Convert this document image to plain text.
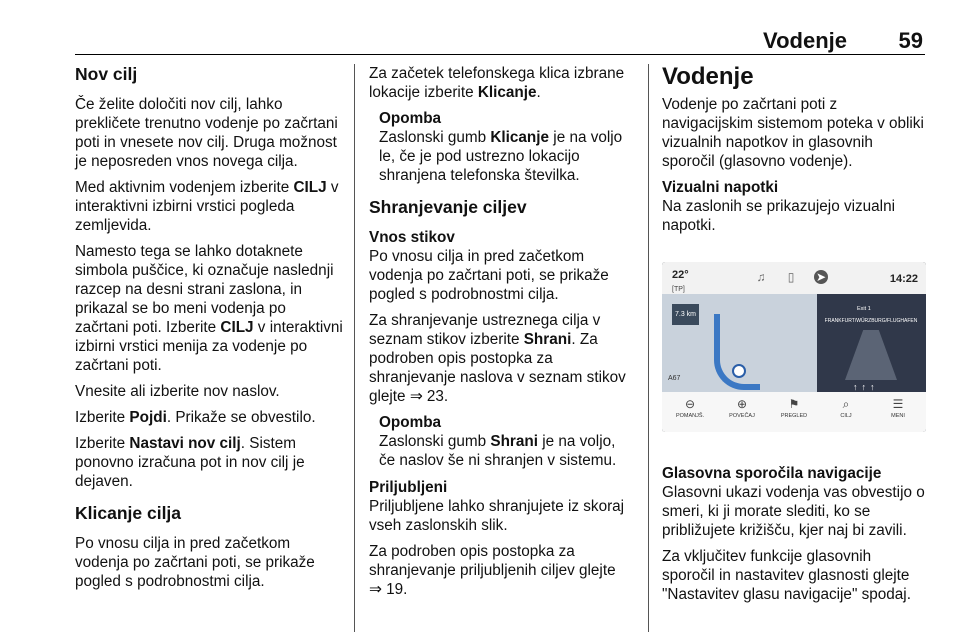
Vodenje 59
Nov cilj

Če želite določiti nov cilj, lahko prekličete trenutno vodenje po začrtani poti in vnesete nov cilj. Druga možnost je neposreden vnos novega cilja.

Med aktivnim vodenjem izberite CILJ v interaktivni izbirni vrstici pogleda zemljevida.

Namesto tega se lahko dotaknete simbola puščice, ki označuje naslednji razcep na desni strani zaslona, in prikazal se bo meni vodenja po začrtani poti. Izberite CILJ v interaktivni izbirni vrstici menija za vodenje po začrtani poti.

Vnesite ali izberite nov naslov.

Izberite Pojdi. Prikaže se obvestilo.

Izberite Nastavi nov cilj. Sistem ponovno izračuna pot in nov cilj je dejaven.

Klicanje cilja

Po vnosu cilja in pred začetkom vodenja po začrtani poti, se prikaže pogled s podrobnostmi cilja.

Za začetek telefonskega klica izbrane lokacije izberite Klicanje.

Opomba
Zaslonski gumb Klicanje je na voljo le, če je pod ustrezno lokacijo shranjena telefonska številka.
Shranjevanje ciljev
Vnos stikov

Po vnosu cilja in pred začetkom vodenja po začrtani poti, se prikaže pogled s podrobnostmi cilja.

Za shranjevanje ustreznega cilja v seznam stikov izberite Shrani. Za podroben opis postopka za shranjevanje naslova v seznam stikov glejte ⇒ 23.

Opomba
Zaslonski gumb Shrani je na voljo, če naslov še ni shranjen v sistemu.
Priljubljeni

Priljubljene lahko shranjujete iz skoraj vseh zaslonskih slik.

Za podroben opis postopka za shranjevanje priljubljenih ciljev glejte
⇒ 19.

Vodenje

Vodenje po začrtani poti z navigacijskim sistemom poteka v obliki vizualnih napotkov in glasovnih sporočil (glasovno vodenje).

Vizualni napotki

Na zaslonih se prikazujejo vizualni napotki.

22°
[TP]
♫	▯	➤	14:22
7.3 km
A67
Exit 1
FRANKFURT/WÜRZBURG/FLUGHAFEN
↑↑↑
⊖
POMANJŠ.
⊕
POVEČAJ
⚑
PREGLED
⌕
CILJ
☰
MENI
Glasovna sporočila navigacije

Glasovni ukazi vodenja vas obvestijo o smeri, ki ji morate slediti, ko se približujete križišču, kjer naj bi zavili.

Za vključitev funkcije glasovnih sporočil in nastavitev glasnosti glejte "Nastavitev glasu navigacije" spodaj.
